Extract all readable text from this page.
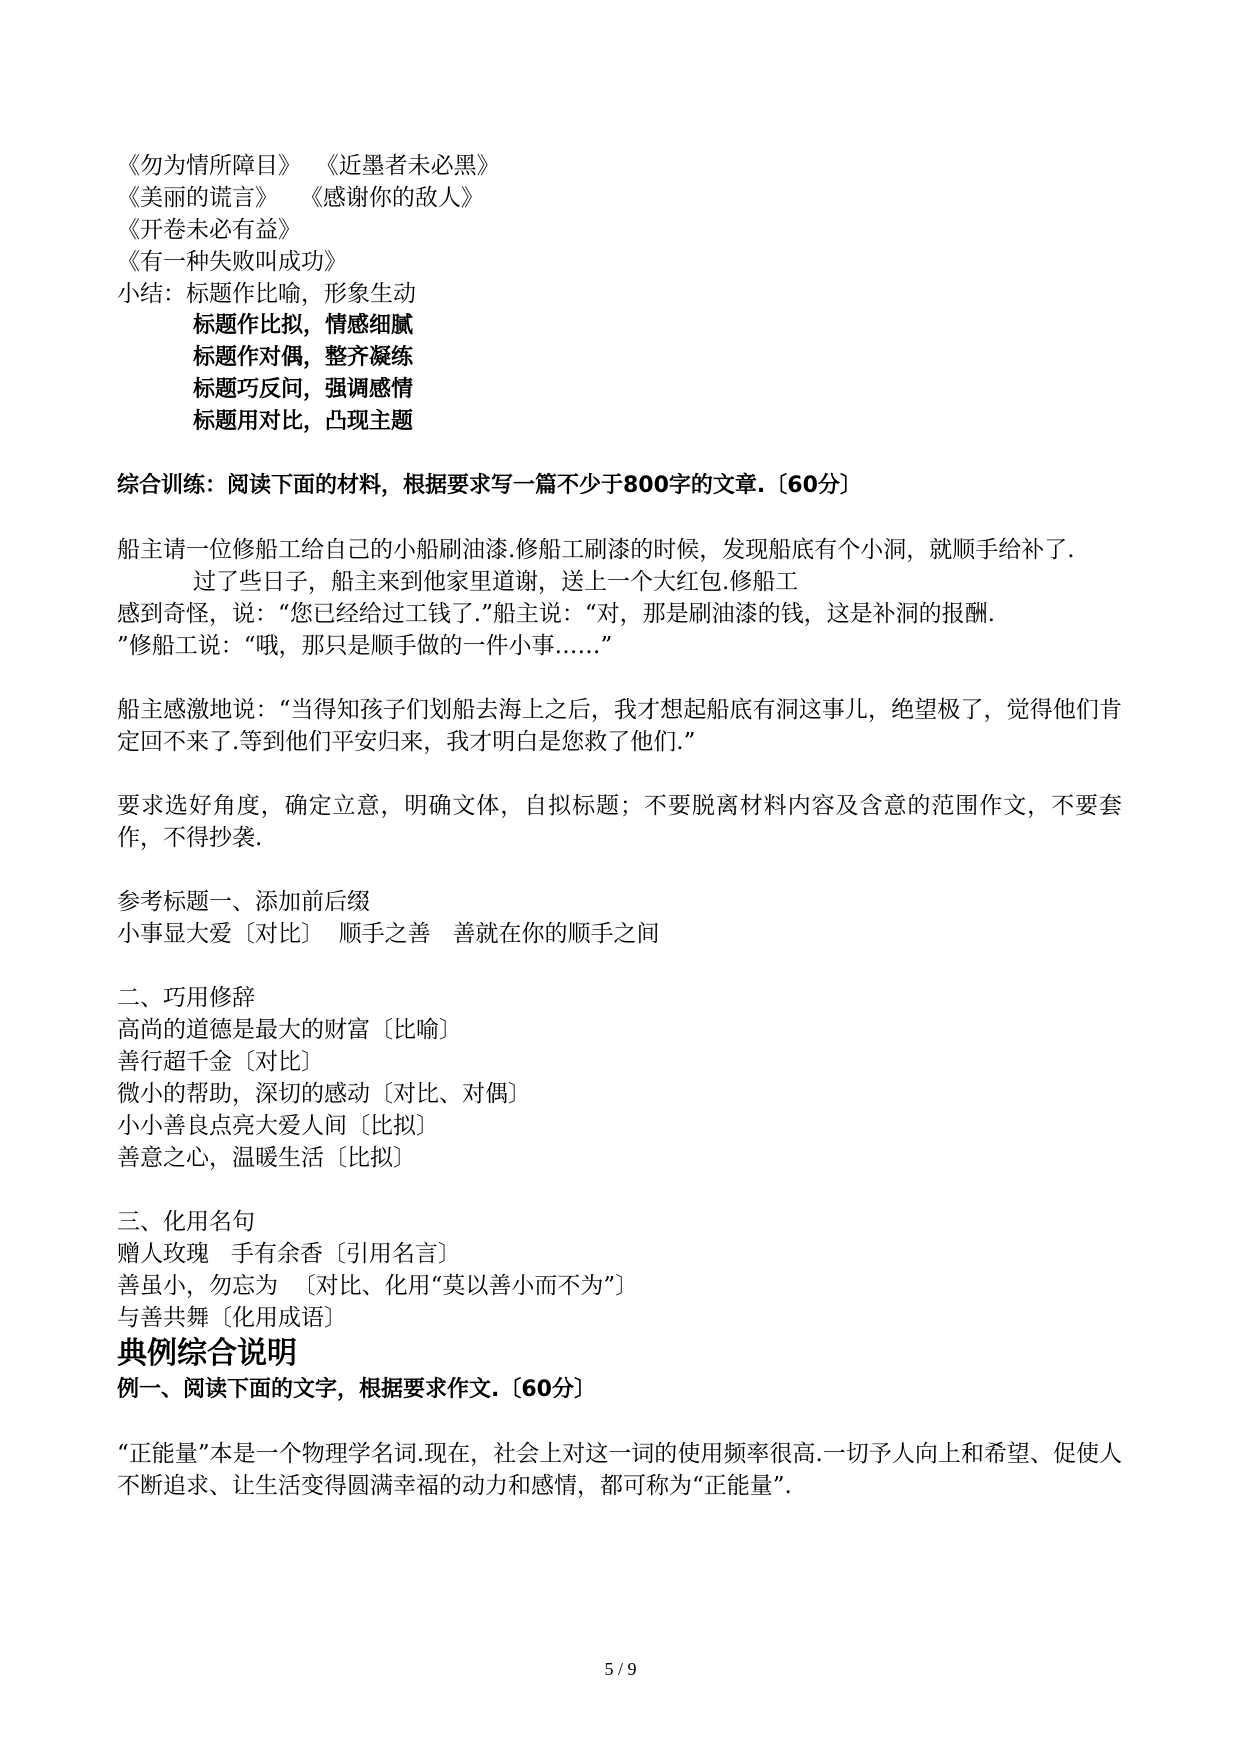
《勿为情所障目》  《近墨者未必黑》

《美丽的谎言》   《感谢你的敌人》

《开卷未必有益》

《有一种失败叫成功》

小结：标题作比喻，形象生动

标题作比拟，情感细腻

标题作对偶，整齐凝练

标题巧反问，强调感情

标题用对比，凸现主题

综合训练：阅读下面的材料，根据要求写一篇不少于800字的文章.〔60分〕

船主请一位修船工给自己的小船刷油漆.修船工刷漆的时候，发现船底有个小洞，就顺手给补了.

过了些日子，船主来到他家里道谢，送上一个大红包.修船工

感到奇怪，说：“您已经给过工钱了.”船主说：“对，那是刷油漆的钱，这是补洞的报酬.

”修船工说：“哦，那只是顺手做的一件小事……”

船主感激地说：“当得知孩子们划船去海上之后，我才想起船底有洞这事儿，绝望极了，觉得他们肯定回不来了.等到他们平安归来，我才明白是您救了他们.”

要求选好角度，确定立意，明确文体，自拟标题；不要脱离材料内容及含意的范围作文，不要套作，不得抄袭.

参考标题一、添加前后缀

小事显大爱〔对比〕  顺手之善   善就在你的顺手之间

二、巧用修辞

高尚的道德是最大的财富〔比喻〕

善行超千金〔对比〕

微小的帮助，深切的感动〔对比、对偶〕

小小善良点亮大爱人间〔比拟〕

善意之心，温暖生活〔比拟〕

三、化用名句

赠人玫瑰   手有余香〔引用名言〕

善虽小，勿忘为  〔对比、化用“莫以善小而不为”〕

与善共舞〔化用成语〕

典例综合说明

例一、阅读下面的文字，根据要求作文.〔60分〕

“正能量”本是一个物理学名词.现在，社会上对这一词的使用频率很高.一切予人向上和希望、促使人不断追求、让生活变得圆满幸福的动力和感情，都可称为“正能量”.

5 / 9
